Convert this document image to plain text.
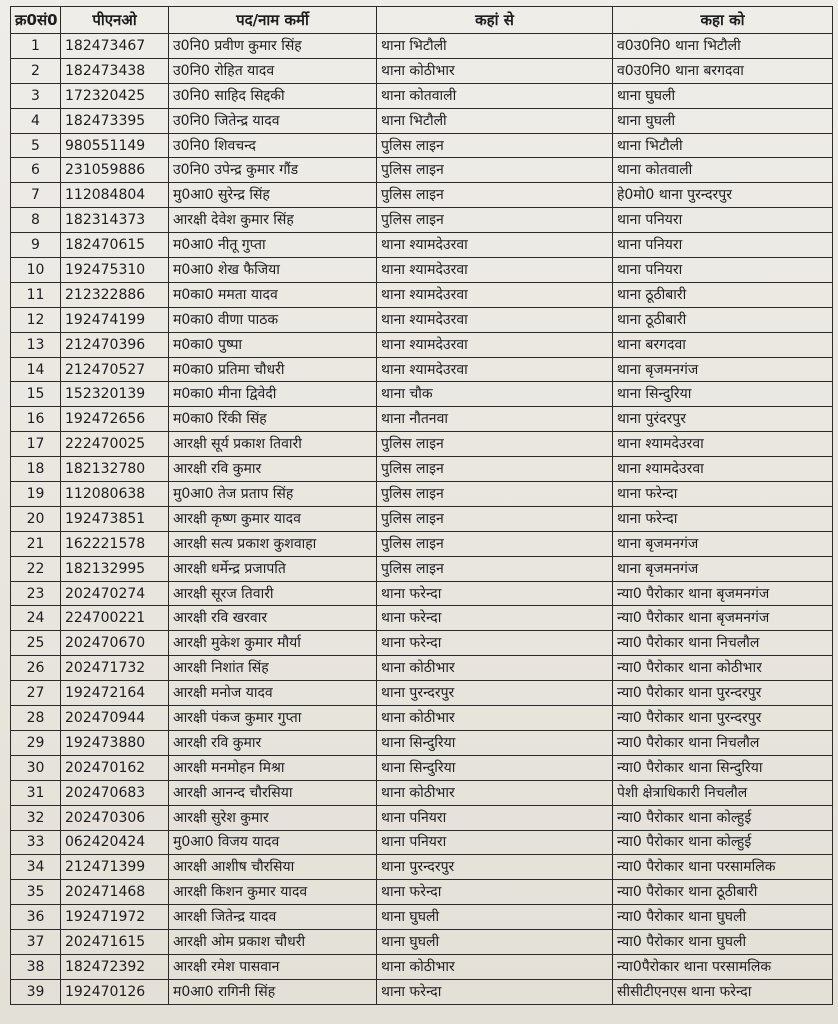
क्र0सं0	पीएनओ	पद/नाम कर्मी	कहां से	कहा को
1	182473467	उ0नि0 प्रवीण कुमार सिंह	थाना भिटौली	व0उ0नि0 थाना भिटौली
2	182473438	उ0नि0 रोहित यादव	थाना कोठीभार	व0उ0नि0 थाना बरगदवा
3	172320425	उ0नि0 साहिद सिद्दकी	थाना कोतवाली	थाना घुघली
4	182473395	उ0नि0 जितेन्द्र यादव	थाना भिटौली	थाना घुघली
5	980551149	उ0नि0 शिवचन्द	पुलिस लाइन	थाना भिटौली
6	231059886	उ0नि0 उपेन्द्र कुमार गौंड	पुलिस लाइन	थाना कोतवाली
7	112084804	मु0आ0 सुरेन्द्र सिंह	पुलिस लाइन	हे0मो0 थाना पुरन्दरपुर
8	182314373	आरक्षी देवेश कुमार सिंह	पुलिस लाइन	थाना पनियरा
9	182470615	म0आ0 नीतू गुप्ता	थाना श्यामदेउरवा	थाना पनियरा
10	192475310	म0आ0 शेख फैजिया	थाना श्यामदेउरवा	थाना पनियरा
11	212322886	म0का0 ममता यादव	थाना श्यामदेउरवा	थाना ठूठीबारी
12	192474199	म0का0 वीणा पाठक	थाना श्यामदेउरवा	थाना ठूठीबारी
13	212470396	म0का0 पुष्पा	थाना श्यामदेउरवा	थाना बरगदवा
14	212470527	म0का0 प्रतिमा चौधरी	थाना श्यामदेउरवा	थाना बृजमनगंज
15	152320139	म0का0 मीना द्विवेदी	थाना चौक	थाना सिन्दुरिया
16	192472656	म0का0 रिंकी सिंह	थाना नौतनवा	थाना पुरंदरपुर
17	222470025	आरक्षी सूर्य प्रकाश तिवारी	पुलिस लाइन	थाना श्यामदेउरवा
18	182132780	आरक्षी रवि कुमार	पुलिस लाइन	थाना श्यामदेउरवा
19	112080638	मु0आ0 तेज प्रताप सिंह	पुलिस लाइन	थाना फरेन्दा
20	192473851	आरक्षी कृष्ण कुमार यादव	पुलिस लाइन	थाना फरेन्दा
21	162221578	आरक्षी सत्य प्रकाश कुशवाहा	पुलिस लाइन	थाना बृजमनगंज
22	182132995	आरक्षी धर्मेन्द्र प्रजापति	पुलिस लाइन	थाना बृजमनगंज
23	202470274	आरक्षी सूरज तिवारी	थाना फरेन्दा	न्या0 पैरोकार थाना बृजमनगंज
24	224700221	आरक्षी रवि खरवार	थाना फरेन्दा	न्या0 पैरोकार थाना बृजमनगंज
25	202470670	आरक्षी मुकेश कुमार मौर्या	थाना फरेन्दा	न्या0 पैरोकार थाना निचलौल
26	202471732	आरक्षी निशांत सिंह	थाना कोठीभार	न्या0 पैरोकार थाना कोठीभार
27	192472164	आरक्षी मनोज यादव	थाना पुरन्दरपुर	न्या0 पैरोकार थाना पुरन्दरपुर
28	202470944	आरक्षी पंकज कुमार गुप्ता	थाना कोठीभार	न्या0 पैरोकार थाना पुरन्दरपुर
29	192473880	आरक्षी रवि कुमार	थाना सिन्दुरिया	न्या0 पैरोकार थाना निचलौल
30	202470162	आरक्षी मनमोहन मिश्रा	थाना सिन्दुरिया	न्या0 पैरोकार थाना सिन्दुरिया
31	202470683	आरक्षी आनन्द चौरसिया	थाना कोठीभार	पेशी क्षेत्राधिकारी निचलौल
32	202470306	आरक्षी सुरेश कुमार	थाना पनियरा	न्या0 पैरोकार थाना कोल्हुई
33	062420424	मु0आ0 विजय यादव	थाना पनियरा	न्या0 पैरोकार थाना कोल्हुई
34	212471399	आरक्षी आशीष चौरसिया	थाना पुरन्दरपुर	न्या0 पैरोकार थाना परसामलिक
35	202471468	आरक्षी किशन कुमार यादव	थाना फरेन्दा	न्या0 पैरोकार थाना ठूठीबारी
36	192471972	आरक्षी जितेन्द्र यादव	थाना घुघली	न्या0 पैरोकार थाना घुघली
37	202471615	आरक्षी ओम प्रकाश चौधरी	थाना घुघली	न्या0 पैरोकार थाना घुघली
38	182472392	आरक्षी रमेश पासवान	थाना कोठीभार	न्या0पैरोकार थाना परसामलिक
39	192470126	म0आ0 रागिनी सिंह	थाना फरेन्दा	सीसीटीएनएस थाना फरेन्दा
